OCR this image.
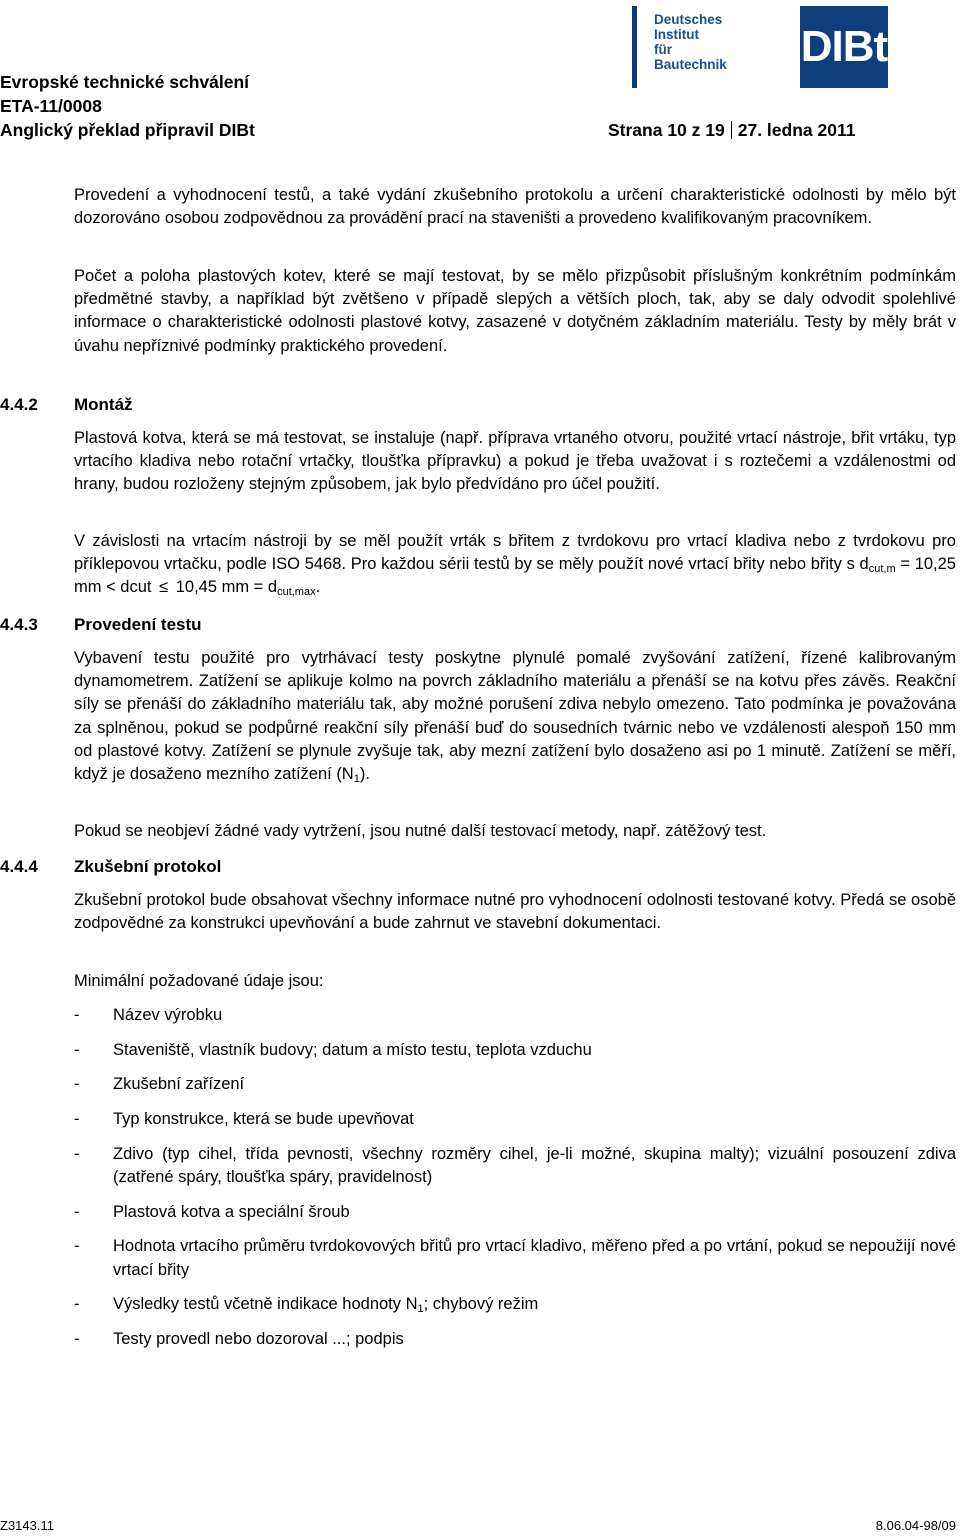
Evropské technické schválení
ETA-11/0008
Anglický překlad připravil DIBt	Strana 10 z 19 27. ledna 2011
Deutsches
Institut
für
Bautechnik	DIBt

Provedení a vyhodnocení testů, a také vydání zkušebního protokolu a určení charakteristické odolnosti by mělo být dozorováno osobou zodpovědnou za provádění prací na staveništi a provedeno kvalifikovaným pracovníkem.

Počet a poloha plastových kotev, které se mají testovat, by se mělo přizpůsobit příslušným konkrétním podmínkám předmětné stavby, a například být zvětšeno v případě slepých a větších ploch, tak, aby se daly odvodit spolehlivé informace o charakteristické odolnosti plastové kotvy, zasazené v dotyčném základním materiálu. Testy by měly brát v úvahu nepříznivé podmínky praktického provedení.

4.4.2 Montáž

Plastová kotva, která se má testovat, se instaluje (např. příprava vrtaného otvoru, použité vrtací nástroje, břit vrtáku, typ vrtacího kladiva nebo rotační vrtačky, tloušťka přípravku) a pokud je třeba uvažovat i s roztečemi a vzdálenostmi od hrany, budou rozloženy stejným způsobem, jak bylo předvídáno pro účel použití.

V závislosti na vrtacím nástroji by se měl použít vrták s břitem z tvrdokovu pro vrtací kladiva nebo z tvrdokovu pro příklepovou vrtačku, podle ISO 5468. Pro každou sérii testů by se měly použít nové vrtací břity nebo břity s $d_{cut,m} = 10,25$ mm < dcut ≤ 10,45 mm = $d_{cut,max}$.

4.4.3 Provedení testu

Vybavení testu použité pro vytrhávací testy poskytne plynulé pomalé zvyšování zatížení, řízené kalibrovaným dynamometrem. Zatížení se aplikuje kolmo na povrch základního materiálu a přenáší se na kotvu přes závěs. Reakční síly se přenáší do základního materiálu tak, aby možné porušení zdiva nebylo omezeno. Tato podmínka je považována za splněnou, pokud se podpůrné reakční síly přenáší buď do sousedních tvárnic nebo ve vzdálenosti alespoň 150 mm od plastové kotvy. Zatížení se plynule zvyšuje tak, aby mezní zatížení bylo dosaženo asi po 1 minutě. Zatížení se měří, když je dosaženo mezního zatížení $(N_1)$.

Pokud se neobjeví žádné vady vytržení, jsou nutné další testovací metody, např. zátěžový test.

4.4.4 Zkušební protokol

Zkušební protokol bude obsahovat všechny informace nutné pro vyhodnocení odolnosti testované kotvy. Předá se osobě zodpovědné za konstrukci upevňování a bude zahrnut ve stavební dokumentaci.

Minimální požadované údaje jsou:

- Název výrobku
- Staveniště, vlastník budovy; datum a místo testu, teplota vzduchu
- Zkušební zařízení
- Typ konstrukce, která se bude upevňovat
- Zdivo (typ cihel, třída pevnosti, všechny rozměry cihel, je-li možné, skupina malty); vizuální posouzení zdiva (zatřené spáry, tloušťka spáry, pravidelnost)
- Plastová kotva a speciální šroub
- Hodnota vrtacího průměru tvrdokovových břitů pro vrtací kladivo, měřeno před a po vrtání, pokud se nepoužijí nové vrtací břity
- Výsledky testů včetně indikace hodnoty $N_1$; chybový režim
- Testy provedl nebo dozoroval ...; podpis
Z3143.11	8.06.04-98/09
